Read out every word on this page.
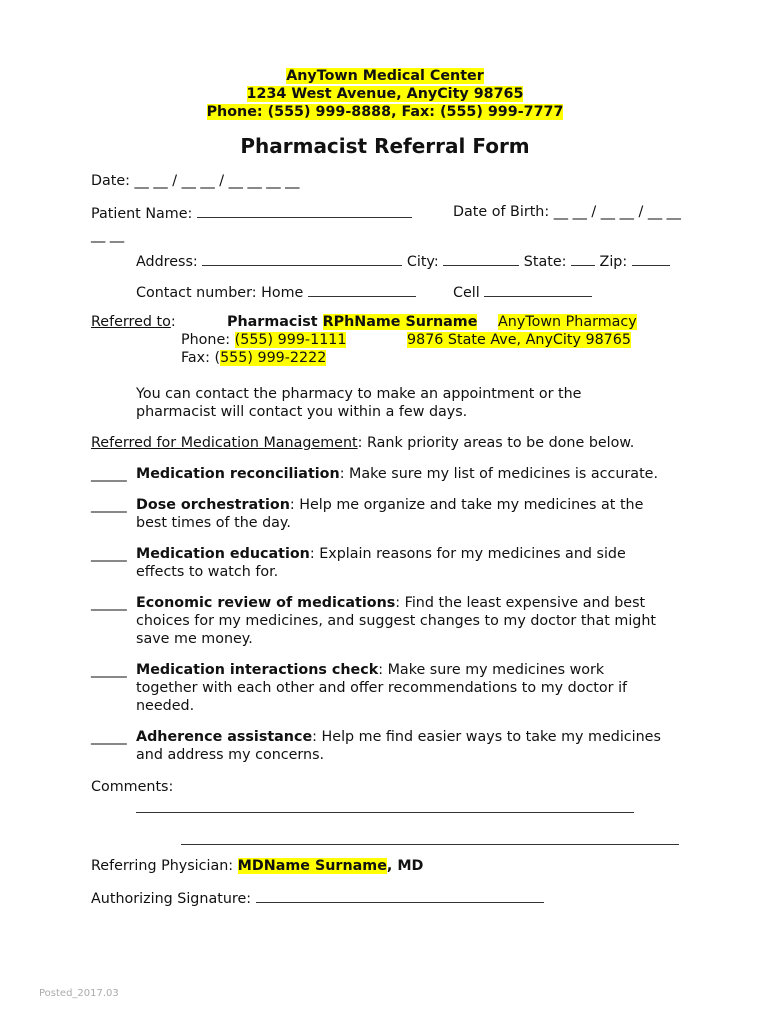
AnyTown Medical Center
1234 West Avenue, AnyCity 98765
Phone: (555) 999-8888, Fax: (555) 999-7777
Pharmacist Referral Form
Date: __ __ / __ __ / __ __ __ __
Patient Name:	Date of Birth: __ __ / __ __ / __ __
__ __
Address:	City:	State: Zip:
Contact number: Home	Cell
Referred to:	Pharmacist RPhName Surname AnyTown Pharmacy
Phone: (555) 999-1111	9876 State Ave, AnyCity 98765
Fax: (555) 999-2222
You can contact the pharmacy to make an appointment or the
pharmacist will contact you within a few days.
Referred for Medication Management: Rank priority areas to be done below.
_____ Medication reconciliation: Make sure my list of medicines is accurate.
_____ Dose orchestration: Help me organize and take my medicines at the
best times of the day.
_____ Medication education: Explain reasons for my medicines and side
effects to watch for.
_____ Economic review of medications: Find the least expensive and best
choices for my medicines, and suggest changes to my doctor that might
save me money.
_____ Medication interactions check: Make sure my medicines work
together with each other and offer recommendations to my doctor if
needed.
_____ Adherence assistance: Help me find easier ways to take my medicines
and address my concerns.
Comments:
Referring Physician: MDName Surname, MD
Authorizing Signature:
Posted_2017.03
